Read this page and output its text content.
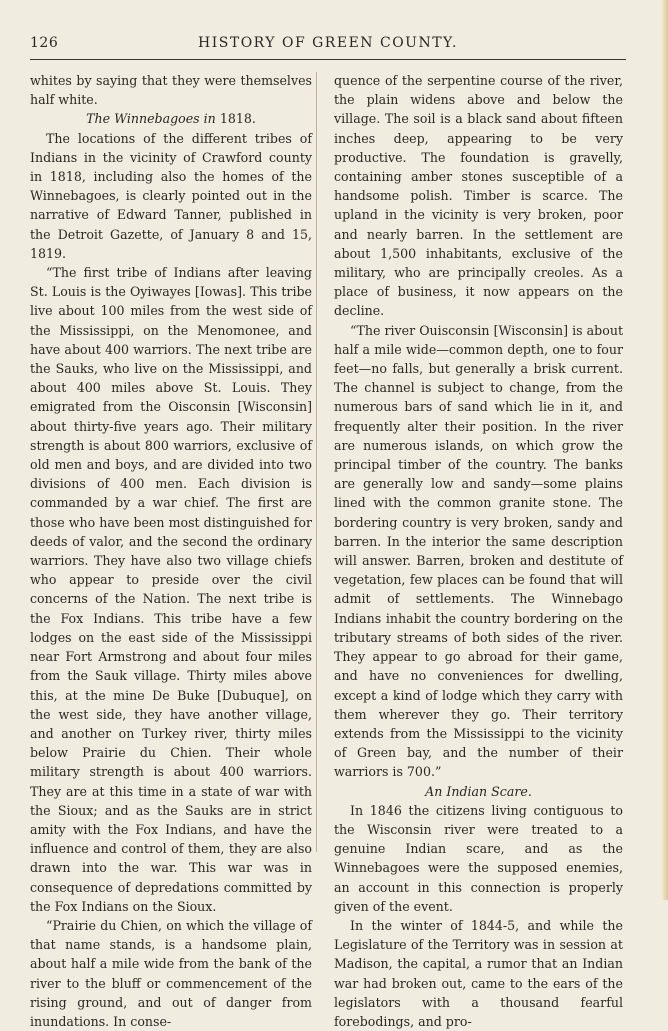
126	HISTORY OF GREEN COUNTY.

whites by saying that they were themselves half white.

The Winnebagoes in 1818.

The locations of the different tribes of Indians in the vicinity of Crawford county in 1818, including also the homes of the Winnebagoes, is clearly pointed out in the narrative of Edward Tanner, published in the Detroit Gazette, of January 8 and 15, 1819.

“The first tribe of Indians after leaving St. Louis is the Oyiwayes [Iowas]. This tribe live about 100 miles from the west side of the Mississippi, on the Menomonee, and have about 400 warriors. The next tribe are the Sauks, who live on the Mississippi, and about 400 miles above St. Louis. They emigrated from the Oisconsin [Wisconsin] about thirty-five years ago. Their military strength is about 800 warriors, exclusive of old men and boys, and are divided into two divisions of 400 men. Each division is commanded by a war chief. The first are those who have been most distinguished for deeds of valor, and the second the ordinary warriors. They have also two village chiefs who appear to preside over the civil concerns of the Nation. The next tribe is the Fox Indians. This tribe have a few lodges on the east side of the Mississippi near Fort Armstrong and about four miles from the Sauk village. Thirty miles above this, at the mine De Buke [Dubuque], on the west side, they have another village, and another on Turkey river, thirty miles below Prairie du Chien. Their whole military strength is about 400 warriors. They are at this time in a state of war with the Sioux; and as the Sauks are in strict amity with the Fox Indians, and have the influence and control of them, they are also drawn into the war. This war was in consequence of depredations committed by the Fox Indians on the Sioux.

“Prairie du Chien, on which the village of that name stands, is a handsome plain, about half a mile wide from the bank of the river to the bluff or commencement of the rising ground, and out of danger from inundations. In conse-

quence of the serpentine course of the river, the plain widens above and below the village. The soil is a black sand about fifteen inches deep, appearing to be very productive. The foundation is gravelly, containing amber stones susceptible of a handsome polish. Timber is scarce. The upland in the vicinity is very broken, poor and nearly barren. In the settlement are about 1,500 inhabitants, exclusive of the military, who are principally creoles. As a place of business, it now appears on the decline.

“The river Ouisconsin [Wisconsin] is about half a mile wide—common depth, one to four feet—no falls, but generally a brisk current. The channel is subject to change, from the numerous bars of sand which lie in it, and frequently alter their position. In the river are numerous islands, on which grow the principal timber of the country. The banks are generally low and sandy—some plains lined with the common granite stone. The bordering country is very broken, sandy and barren. In the interior the same description will answer. Barren, broken and destitute of vegetation, few places can be found that will admit of settlements. The Winnebago Indians inhabit the country bordering on the tributary streams of both sides of the river. They appear to go abroad for their game, and have no conveniences for dwelling, except a kind of lodge which they carry with them wherever they go. Their territory extends from the Mississippi to the vicinity of Green bay, and the number of their warriors is 700.”

An Indian Scare.

In 1846 the citizens living contiguous to the Wisconsin river were treated to a genuine Indian scare, and as the Winnebagoes were the supposed enemies, an account in this connection is properly given of the event.

In the winter of 1844-5, and while the Legislature of the Territory was in session at Madison, the capital, a rumor that an Indian war had broken out, came to the ears of the legislators with a thousand fearful forebodings, and pro-
